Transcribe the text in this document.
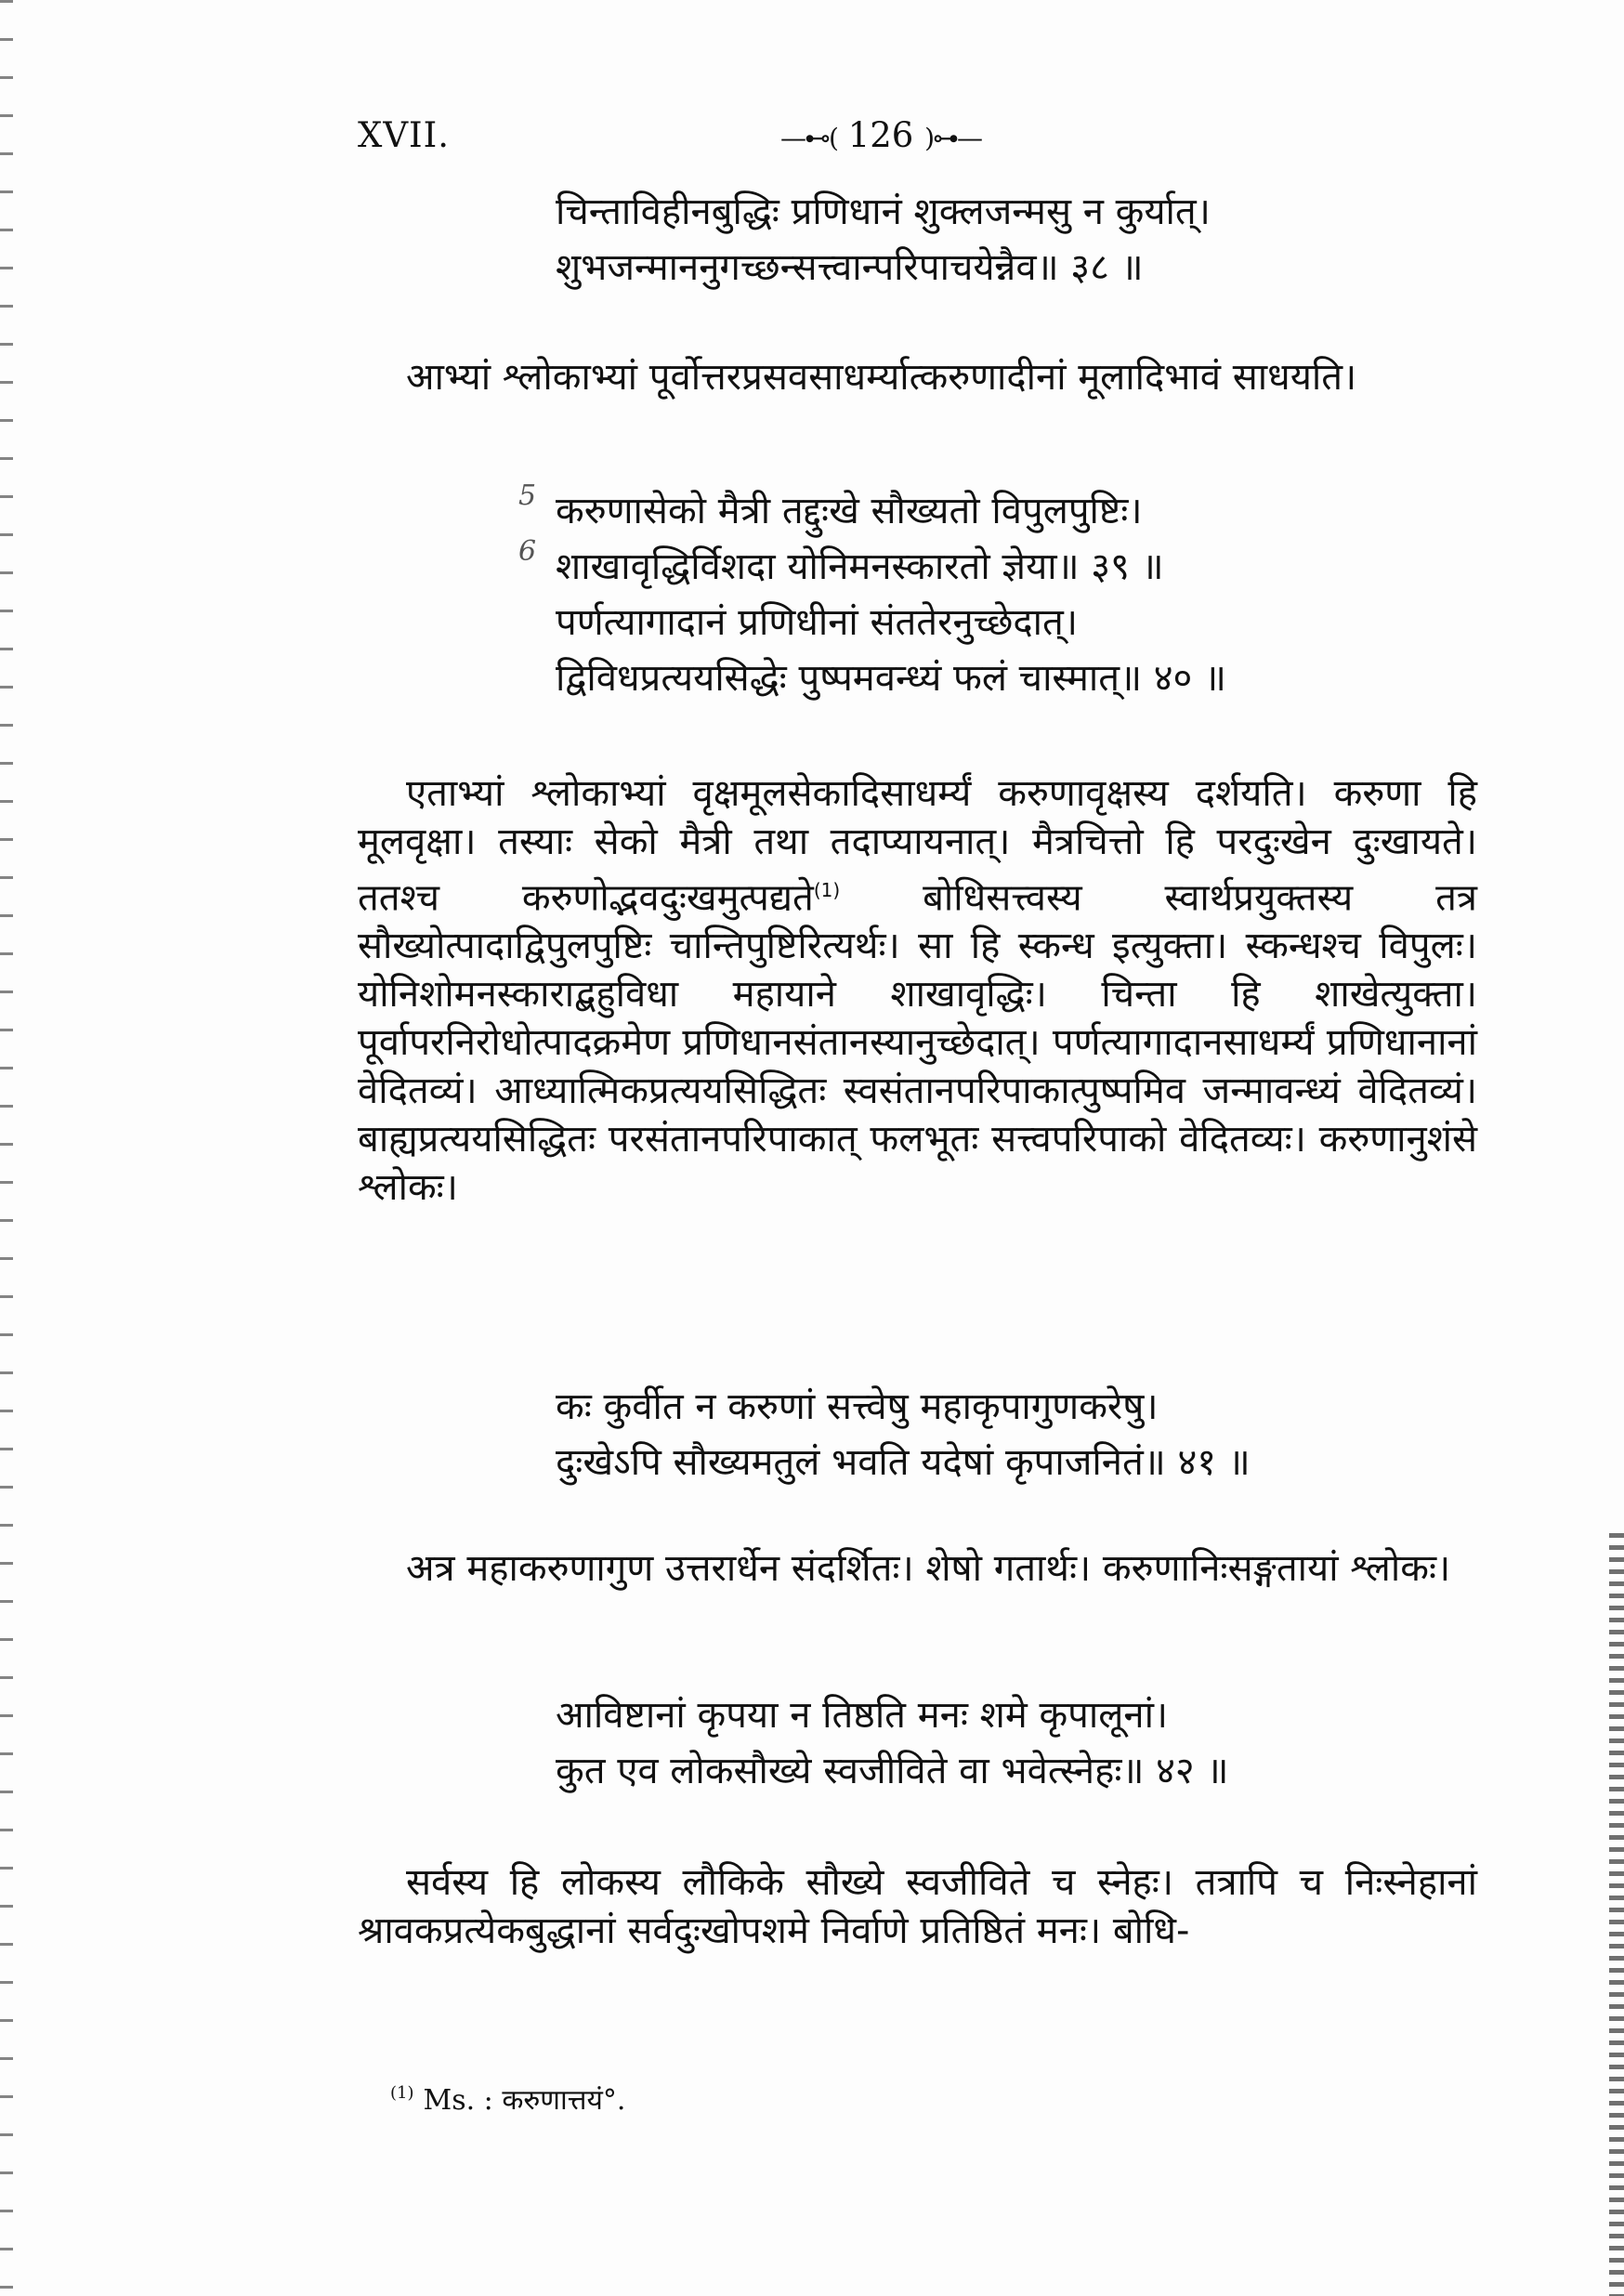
XVII.	—⊷( 126 )⊶—
चिन्ताविहीनबुद्धिः प्रणिधानं शुक्लजन्मसु न कुर्यात्।
शुभजन्माननुगच्छन्सत्त्वान्परिपाचयेन्नैव॥ ३८ ॥
आभ्यां श्लोकाभ्यां पूर्वोत्तरप्रसवसाधर्म्यात्करुणादीनां मूलादिभावं साधयति।
5
6
करुणासेको मैत्री तद्दुःखे सौख्यतो विपुलपुष्टिः।
शाखावृद्धिर्विशदा योनिमनस्कारतो ज्ञेया॥ ३९ ॥
पर्णत्यागादानं प्रणिधीनां संततेरनुच्छेदात्।
द्विविधप्रत्ययसिद्धेः पुष्पमवन्ध्यं फलं चास्मात्॥ ४० ॥
एताभ्यां श्लोकाभ्यां वृक्षमूलसेकादिसाधर्म्यं करुणावृक्षस्य दर्शयति। करुणा हि मूलवृक्षा। तस्याः सेको मैत्री तथा तदाप्यायनात्। मैत्रचित्तो हि परदुःखेन दुःखायते। ततश्च करुणोद्भवदुःखमुत्पद्यते$^{(1)}$ बोधिसत्त्वस्य स्वार्थप्रयुक्तस्य तत्र सौख्योत्पादाद्विपुलपुष्टिः चान्तिपुष्टिरित्यर्थः। सा हि स्कन्ध इत्युक्ता। स्कन्धश्च विपुलः। योनिशोमनस्काराद्बहुविधा महायाने शाखावृद्धिः। चिन्ता हि शाखेत्युक्ता। पूर्वापरनिरोधोत्पादक्रमेण प्रणिधानसंतानस्यानुच्छेदात्। पर्णत्यागादानसाधर्म्यं प्रणिधानानां वेदितव्यं। आध्यात्मिकप्रत्ययसिद्धितः स्वसंतानपरिपाकात्पुष्पमिव जन्मावन्ध्यं वेदितव्यं। बाह्यप्रत्ययसिद्धितः परसंतानपरिपाकात् फलभूतः सत्त्वपरिपाको वेदितव्यः। करुणानुशंसे श्लोकः।
कः कुर्वीत न करुणां सत्त्वेषु महाकृपागुणकरेषु।
दुःखेऽपि सौख्यमतुलं भवति यदेषां कृपाजनितं॥ ४१ ॥
अत्र महाकरुणागुण उत्तरार्धेन संदर्शितः। शेषो गतार्थः। करुणानिःसङ्गतायां श्लोकः।
आविष्टानां कृपया न तिष्ठति मनः शमे कृपालूनां।
कुत एव लोकसौख्ये स्वजीविते वा भवेत्स्नेहः॥ ४२ ॥
सर्वस्य हि लोकस्य लौकिके सौख्ये स्वजीविते च स्नेहः। तत्रापि च निःस्नेहानां श्रावकप्रत्येकबुद्धानां सर्वदुःखोपशमे निर्वाणे प्रतिष्ठितं मनः। बोधि-
$^{(1)}$ Ms. : करुणात्तयं°.
